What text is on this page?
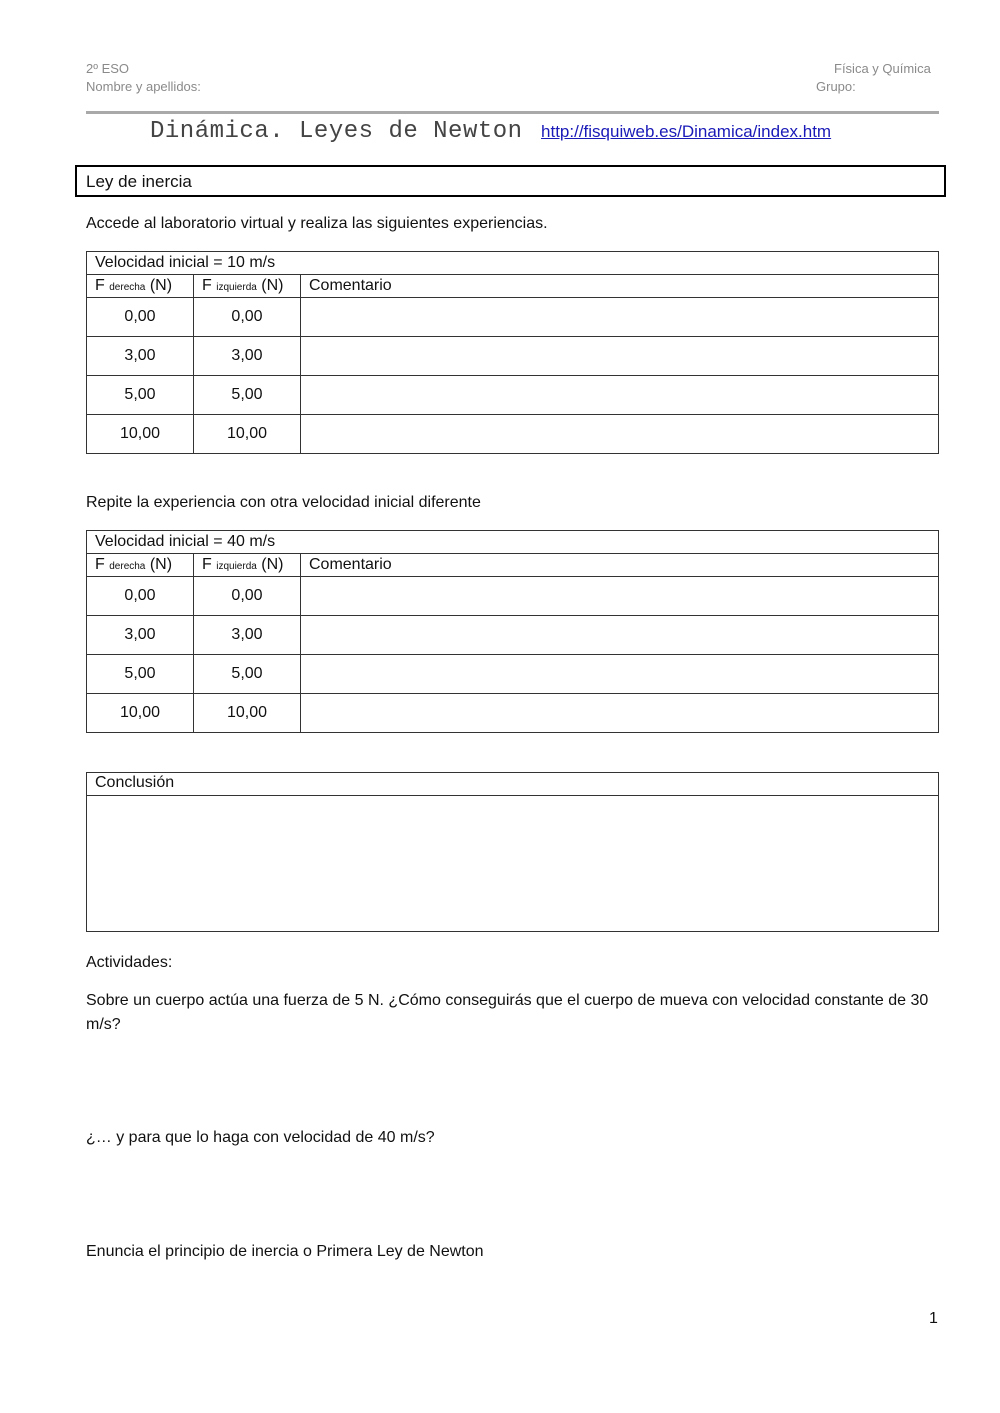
2º ESO
Nombre y apellidos:
Física y Química
Grupo:
Dinámica. Leyes de Newton http://fisquiweb.es/Dinamica/index.htm
Ley de inercia
Accede al laboratorio virtual y realiza las siguientes experiencias.
Velocidad inicial = 10 m/s		
F derecha (N)	F izquierda (N)	Comentario
0,00	0,00	
3,00	3,00	
5,00	5,00	
10,00	10,00	
Repite la experiencia con otra velocidad inicial diferente
Velocidad inicial = 40 m/s		
F derecha (N)	F izquierda (N)	Comentario
0,00	0,00	
3,00	3,00	
5,00	5,00	
10,00	10,00	
Conclusión
Actividades:
Sobre un cuerpo actúa una fuerza de 5 N. ¿Cómo conseguirás que el cuerpo de mueva con velocidad constante de 30 m/s?
¿… y para que lo haga con velocidad de 40 m/s?
Enuncia el principio de inercia o Primera Ley de Newton
1
